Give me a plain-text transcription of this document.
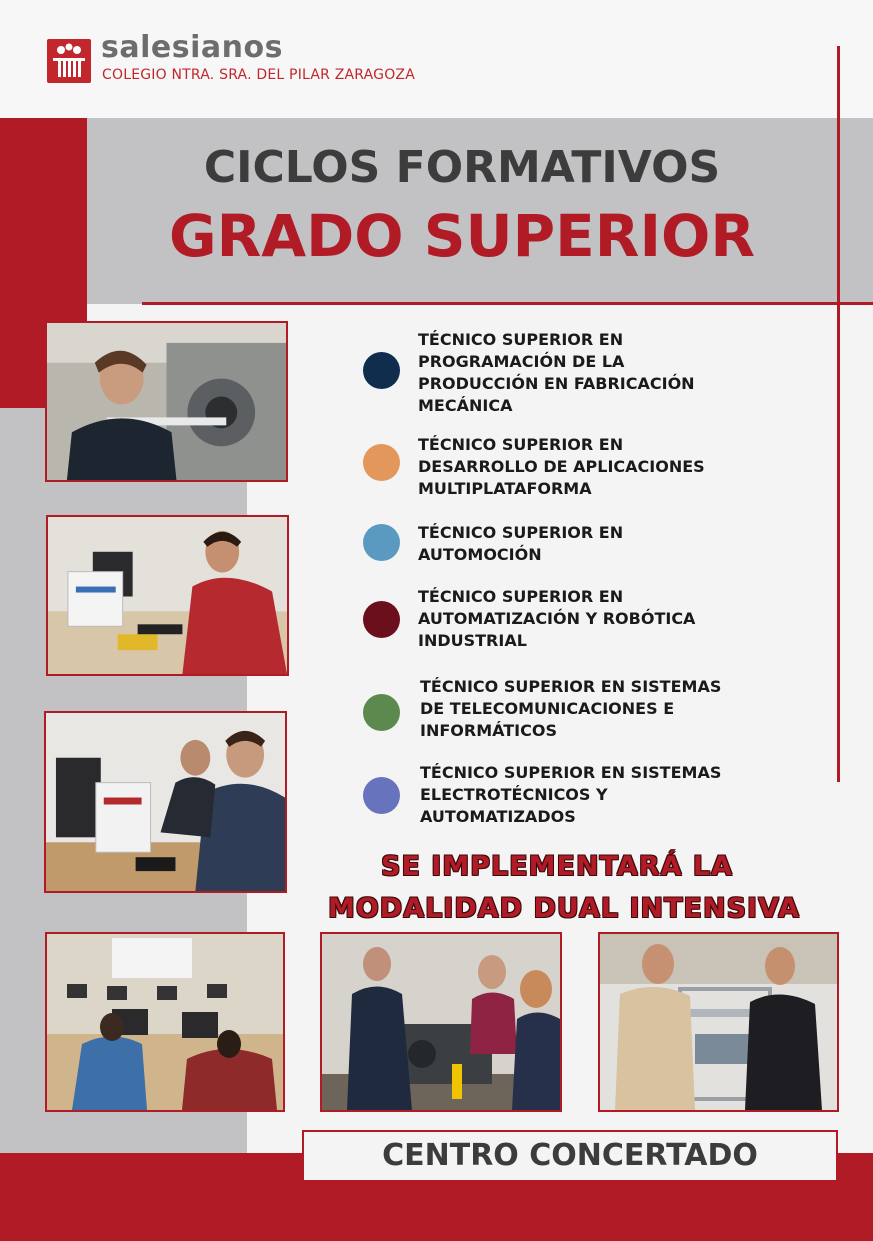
salesianos
COLEGIO NTRA. SRA. DEL PILAR ZARAGOZA
CICLOS FORMATIVOS
GRADO SUPERIOR
TÉCNICO SUPERIOR EN
PROGRAMACIÓN DE LA
PRODUCCIÓN EN FABRICACIÓN
MECÁNICA
TÉCNICO SUPERIOR EN
DESARROLLO DE APLICACIONES
MULTIPLATAFORMA
TÉCNICO SUPERIOR EN
AUTOMOCIÓN
TÉCNICO SUPERIOR EN
AUTOMATIZACIÓN Y ROBÓTICA
INDUSTRIAL
TÉCNICO SUPERIOR EN SISTEMAS
DE TELECOMUNICACIONES E
INFORMÁTICOS
TÉCNICO SUPERIOR EN SISTEMAS
ELECTROTÉCNICOS Y
AUTOMATIZADOS
SE IMPLEMENTARÁ LA
MODALIDAD DUAL INTENSIVA
CENTRO CONCERTADO
